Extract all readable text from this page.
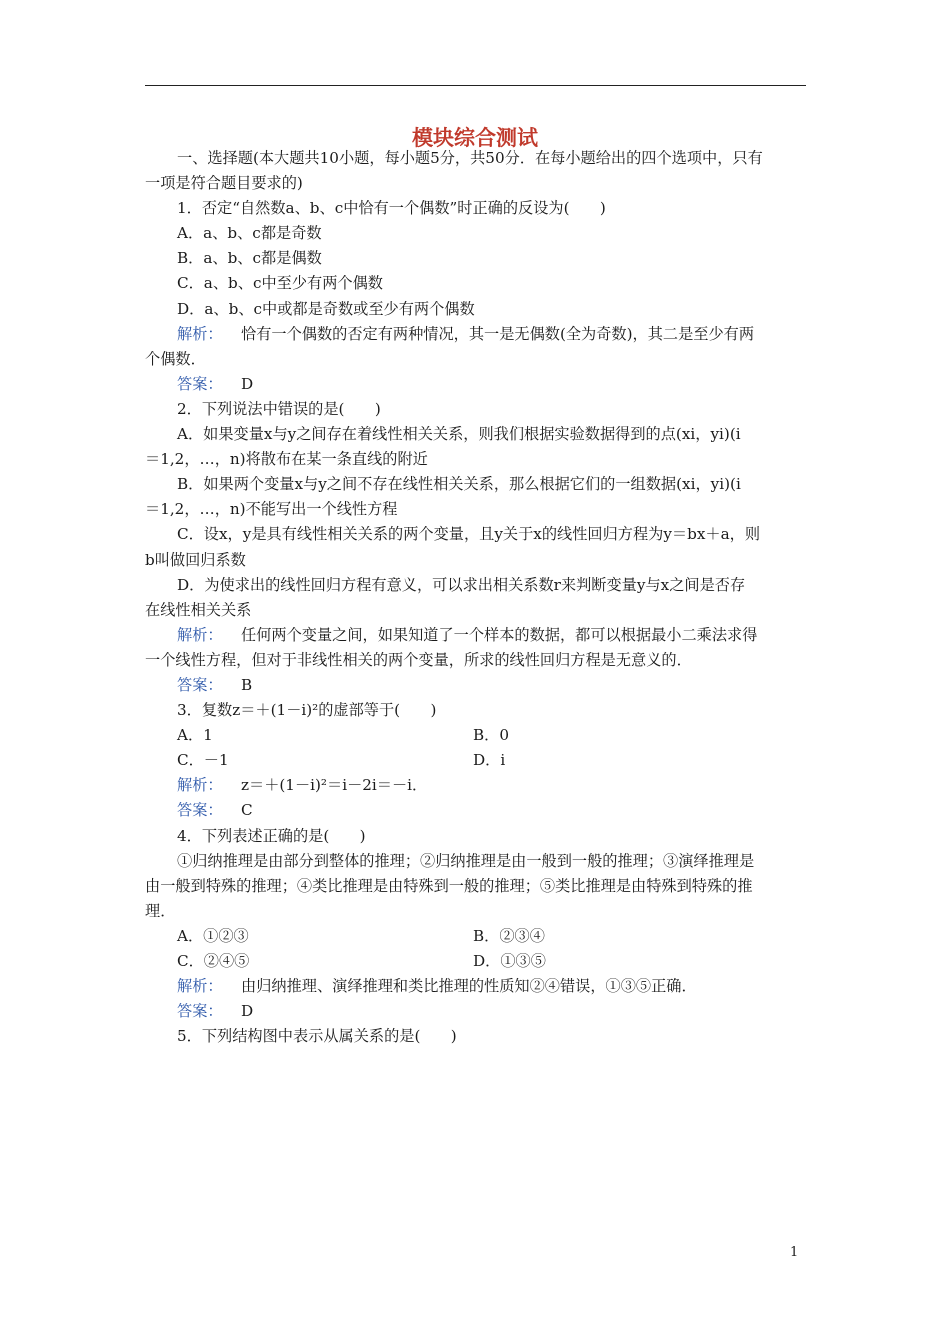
模块综合测试
一、选择题(本大题共10小题，每小题5分，共50分．在每小题给出的四个选项中，只有
一项是符合题目要求的)
1．否定“自然数a、b、c中恰有一个偶数”时正确的反设为(　　)
A．a、b、c都是奇数
B．a、b、c都是偶数
C．a、b、c中至少有两个偶数
D．a、b、c中或都是奇数或至少有两个偶数
解析： 恰有一个偶数的否定有两种情况，其一是无偶数(全为奇数)，其二是至少有两
个偶数．
答案： D
2．下列说法中错误的是(　　)
A．如果变量x与y之间存在着线性相关关系，则我们根据实验数据得到的点(xi，yi)(i
＝1,2，…，n)将散布在某一条直线的附近
B．如果两个变量x与y之间不存在线性相关关系，那么根据它们的一组数据(xi，yi)(i
＝1,2，…，n)不能写出一个线性方程
C．设x，y是具有线性相关关系的两个变量，且y关于x的线性回归方程为y＝bx＋a，则
b叫做回归系数
D．为使求出的线性回归方程有意义，可以求出相关系数r来判断变量y与x之间是否存
在线性相关关系
解析： 任何两个变量之间，如果知道了一个样本的数据，都可以根据最小二乘法求得
一个线性方程，但对于非线性相关的两个变量，所求的线性回归方程是无意义的．
答案： B
3．复数z＝＋(1－i)²的虚部等于(　　)
A．1	B．0
C．－1	D．i
解析： z＝＋(1－i)²＝i－2i＝－i．
答案： C
4．下列表述正确的是(　　)
①归纳推理是由部分到整体的推理；②归纳推理是由一般到一般的推理；③演绎推理是
由一般到特殊的推理；④类比推理是由特殊到一般的推理；⑤类比推理是由特殊到特殊的推
理．
A．①②③	B．②③④
C．②④⑤	D．①③⑤
解析： 由归纳推理、演绎推理和类比推理的性质知②④错误，①③⑤正确．
答案： D
5．下列结构图中表示从属关系的是(　　)
1
